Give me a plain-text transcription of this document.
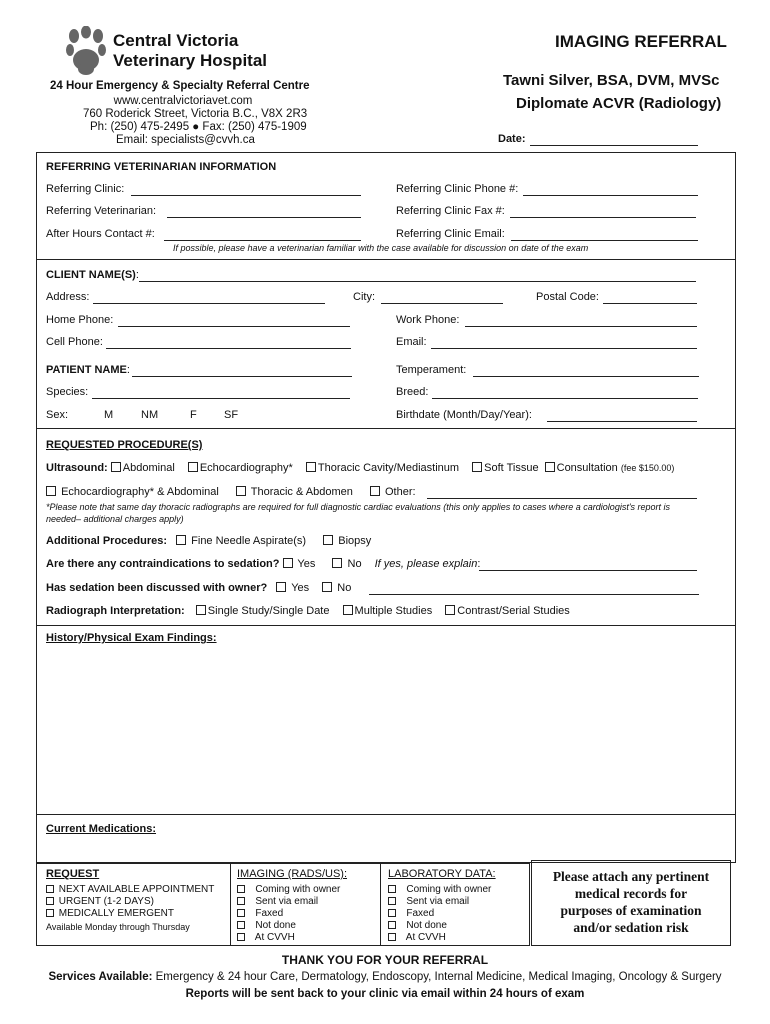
Central Victoria
Veterinary Hospital
24 Hour Emergency & Specialty Referral Centre
www.centralvictoriavet.com
760 Roderick Street, Victoria B.C., V8X 2R3
Ph: (250) 475-2495 ● Fax: (250) 475-1909
Email: specialists@cvvh.ca
IMAGING REFERRAL
Tawni Silver, BSA, DVM, MVSc
Diplomate ACVR (Radiology)
Date:
REFERRING VETERINARIAN INFORMATION
Referring Clinic:	Referring Clinic Phone #:
Referring Veterinarian:	Referring Clinic Fax #:
After Hours Contact #:	Referring Clinic Email:
If possible, please have a veterinarian familiar with the case available for discussion on date of the exam
CLIENT NAME(S):
Address:	City:	Postal Code:
Home Phone:	Work Phone:
Cell Phone:	Email:
PATIENT NAME:	Temperament:
Species:	Breed:
Sex:	M	NM	F SF	Birthdate (Month/Day/Year):
REQUESTED PROCEDURE(S)
Ultrasound: Abdominal Echocardiography* Thoracic Cavity/Mediastinum Soft Tissue Consultation (fee $150.00)
Echocardiography* & Abdominal	Thoracic & Abdomen	Other:
*Please note that same day thoracic radiographs are required for full diagnostic cardiac evaluations (this only applies to cases where a cardiologist's report is
needed– additional charges apply)
Additional Procedures: Fine Needle Aspirate(s)	Biopsy
Are there any contraindications to sedation? Yes	No If yes, please explain:
Has sedation been discussed with owner? Yes	No
Radiograph Interpretation: Single Study/Single Date Multiple Studies Contrast/Serial Studies
History/Physical Exam Findings:
Current Medications:
REQUEST
NEXT AVAILABLE APPOINTMENT
URGENT (1-2 DAYS)
MEDICALLY EMERGENT
Available Monday through Thursday
IMAGING (RADS/US):
Coming with owner
Sent via email
Faxed
Not done
At CVVH
LABORATORY DATA:
Coming with owner
Sent via email
Faxed
Not done
At CVVH
Please attach any pertinent
medical records for
purposes of examination
and/or sedation risk
THANK YOU FOR YOUR REFERRAL
Services Available: Emergency & 24 hour Care, Dermatology, Endoscopy, Internal Medicine, Medical Imaging, Oncology & Surgery
Reports will be sent back to your clinic via email within 24 hours of exam
